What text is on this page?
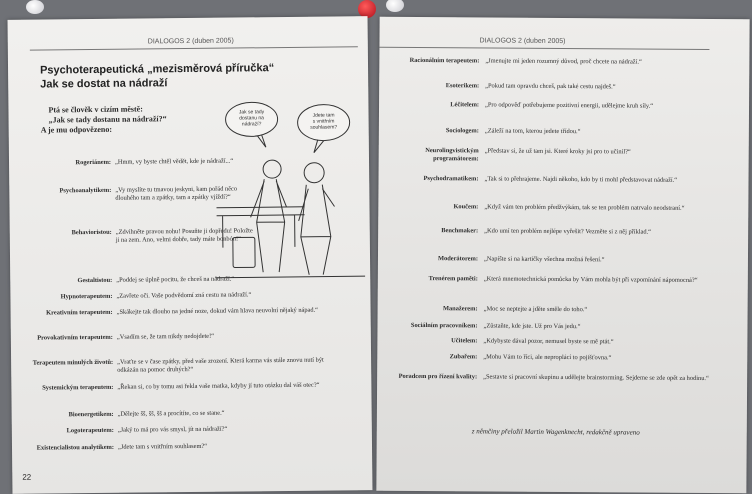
DIALOGOS 2 (duben 2005)
Psychoterapeutická „mezisměrová příručka“
Jak se dostat na nádraží
Ptá se člověk v cizím městě:
„Jak se tady dostanu na nádraží?“
A je mu odpovězeno:
Jak se tadydostanu nanádraží?
Jdete tams vnitřnímsouhlasem?
Rogeriánem: „Hmm, vy byste chtěl vědět, kde je nádraží...“
Psychoanalytikem: „Vy myslíte tu tmavou jeskyni, kam pořád něco dlouhého tam a zpátky, tam a zpátky vjíždí?“
Behavioristou: „Zdvihněte pravou nohu! Posuňte ji dopředu! Položte ji na zem. Ano, velmi dobře, tady máte bonbón!“
Gestaltistou: „Poddej se úplně pocitu, že chceš na nádraží.“
Hypnoterapeutem: „Zavřete oči. Vaše podvědomí zná cestu na nádraží.“
Kreativním terapeutem: „Skákejte tak dlouho na jedné noze, dokud vám hlava neuvolní nějaký nápad.“
Provokativním terapeutem: „Vsadím se, že tam nikdy nedojdete!“
Terapeutem minulých životů: „Vraťte se v čase zpátky, před vaše zrození. Která karma vás stále znovu nutí být odkázán na pomoc druhých?“
Systemickým terapeutem: „Řekan si, co by tomu asi řekla vaše matka, kdyby jí tuto otázku dal váš otec?“
Bioenergetikem: „Dělejte šš, šš, šš a procítíte, co se stane.“
Logoterapeutem: „Jaký to má pro vás smysl, jít na nádraží?“
Existencialistou analytikem: „Jdete tam s vnitřním souhlasem?“
22
DIALOGOS 2 (duben 2005)
Racionálním terapeutem: „Jmenujte mi jeden rozumný důvod, proč chcete na nádraží.“
Esoterikem: „Pokud tam opravdu chceš, pak také cestu najdeš.“
Léčitelem: „Pro odpověď potřebujeme pozitivní energii, udělejme kruh síly.“
Sociologem: „Záleží na tom, kterou jedete třídou.“
Neurolingvistickým programátorem:
„Představ si, že už tam jsi. Které kroky jsi pro to učinil?“
Psychodramatikem: „Tak si to přehrajeme. Najdi někoho, kdo by ti mohl představovat nádraží.“
Koučem: „Když vám ten problém předžvýkám, tak se ten problém natrvalo neodstraní.“
Benchmaker: „Kdo umí ten problém nejlépe vyřešit? Vezměte si z něj příklad.“
Moderátorem: „Napište si na kartičky všechna možná řešení.“
Trenérem paměti: „Která mnemotechnická pomůcka by Vám mohla být při vzpomínání nápomocná?“
Manažerem: „Moc se neptejte a jděte směle do toho.“
Sociálním pracovníkem: „Zůstaňte, kde jste. Už pro Vás jedu.“
Učitelem: „Kdybyste dával pozor, nemusel byste se mě ptát.“
Zubařem: „Mohu Vám to říci, ale neproplácí to pojišťovna.“
Poradcem pro řízení kvality: „Sestavte si pracovní skupinu a udělejte brainstorming. Sejdeme se zde opět za hodinu.“
z němčiny přeložil Martin Wagenknecht, redakčně upraveno
